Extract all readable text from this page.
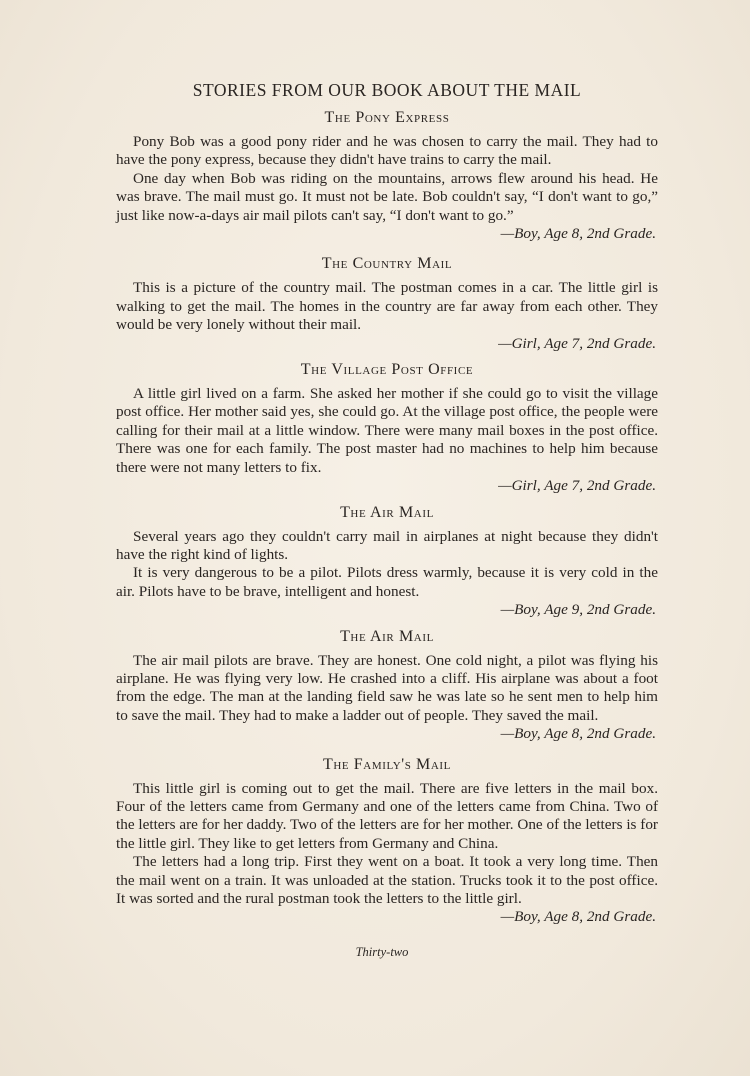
STORIES FROM OUR BOOK ABOUT THE MAIL
The Pony Express

Pony Bob was a good pony rider and he was chosen to carry the mail. They had to have the pony express, because they didn't have trains to carry the mail.

One day when Bob was riding on the mountains, arrows flew around his head. He was brave. The mail must go. It must not be late. Bob couldn't say, “I don't want to go,” just like now-a-days air mail pilots can't say, “I don't want to go.”
—Boy, Age 8, 2nd Grade.

The Country Mail

This is a picture of the country mail. The postman comes in a car. The little girl is walking to get the mail. The homes in the country are far away from each other. They would be very lonely without their mail.

—Girl, Age 7, 2nd Grade.
The Village Post Office

A little girl lived on a farm. She asked her mother if she could go to visit the village post office. Her mother said yes, she could go. At the village post office, the people were calling for their mail at a little window. There were many mail boxes in the post office. There was one for each family. The post master had no machines to help him because there were not many letters to fix.

—Girl, Age 7, 2nd Grade.
The Air Mail

Several years ago they couldn't carry mail in airplanes at night because they didn't have the right kind of lights.

It is very dangerous to be a pilot. Pilots dress warmly, because it is very cold in the air. Pilots have to be brave, intelligent and honest.

—Boy, Age 9, 2nd Grade.
The Air Mail

The air mail pilots are brave. They are honest. One cold night, a pilot was flying his airplane. He was flying very low. He crashed into a cliff. His airplane was about a foot from the edge. The man at the landing field saw he was late so he sent men to help him to save the mail. They had to make a ladder out of people. They saved the mail.
—Boy, Age 8, 2nd Grade.

The Family's Mail

This little girl is coming out to get the mail. There are five letters in the mail box. Four of the letters came from Germany and one of the letters came from China. Two of the letters are for her daddy. Two of the letters are for her mother. One of the letters is for the little girl. They like to get letters from Germany and China.

The letters had a long trip. First they went on a boat. It took a very long time. Then the mail went on a train. It was unloaded at the station. Trucks took it to the post office. It was sorted and the rural postman took the letters to the little girl.
—Boy, Age 8, 2nd Grade.

Thirty-two
